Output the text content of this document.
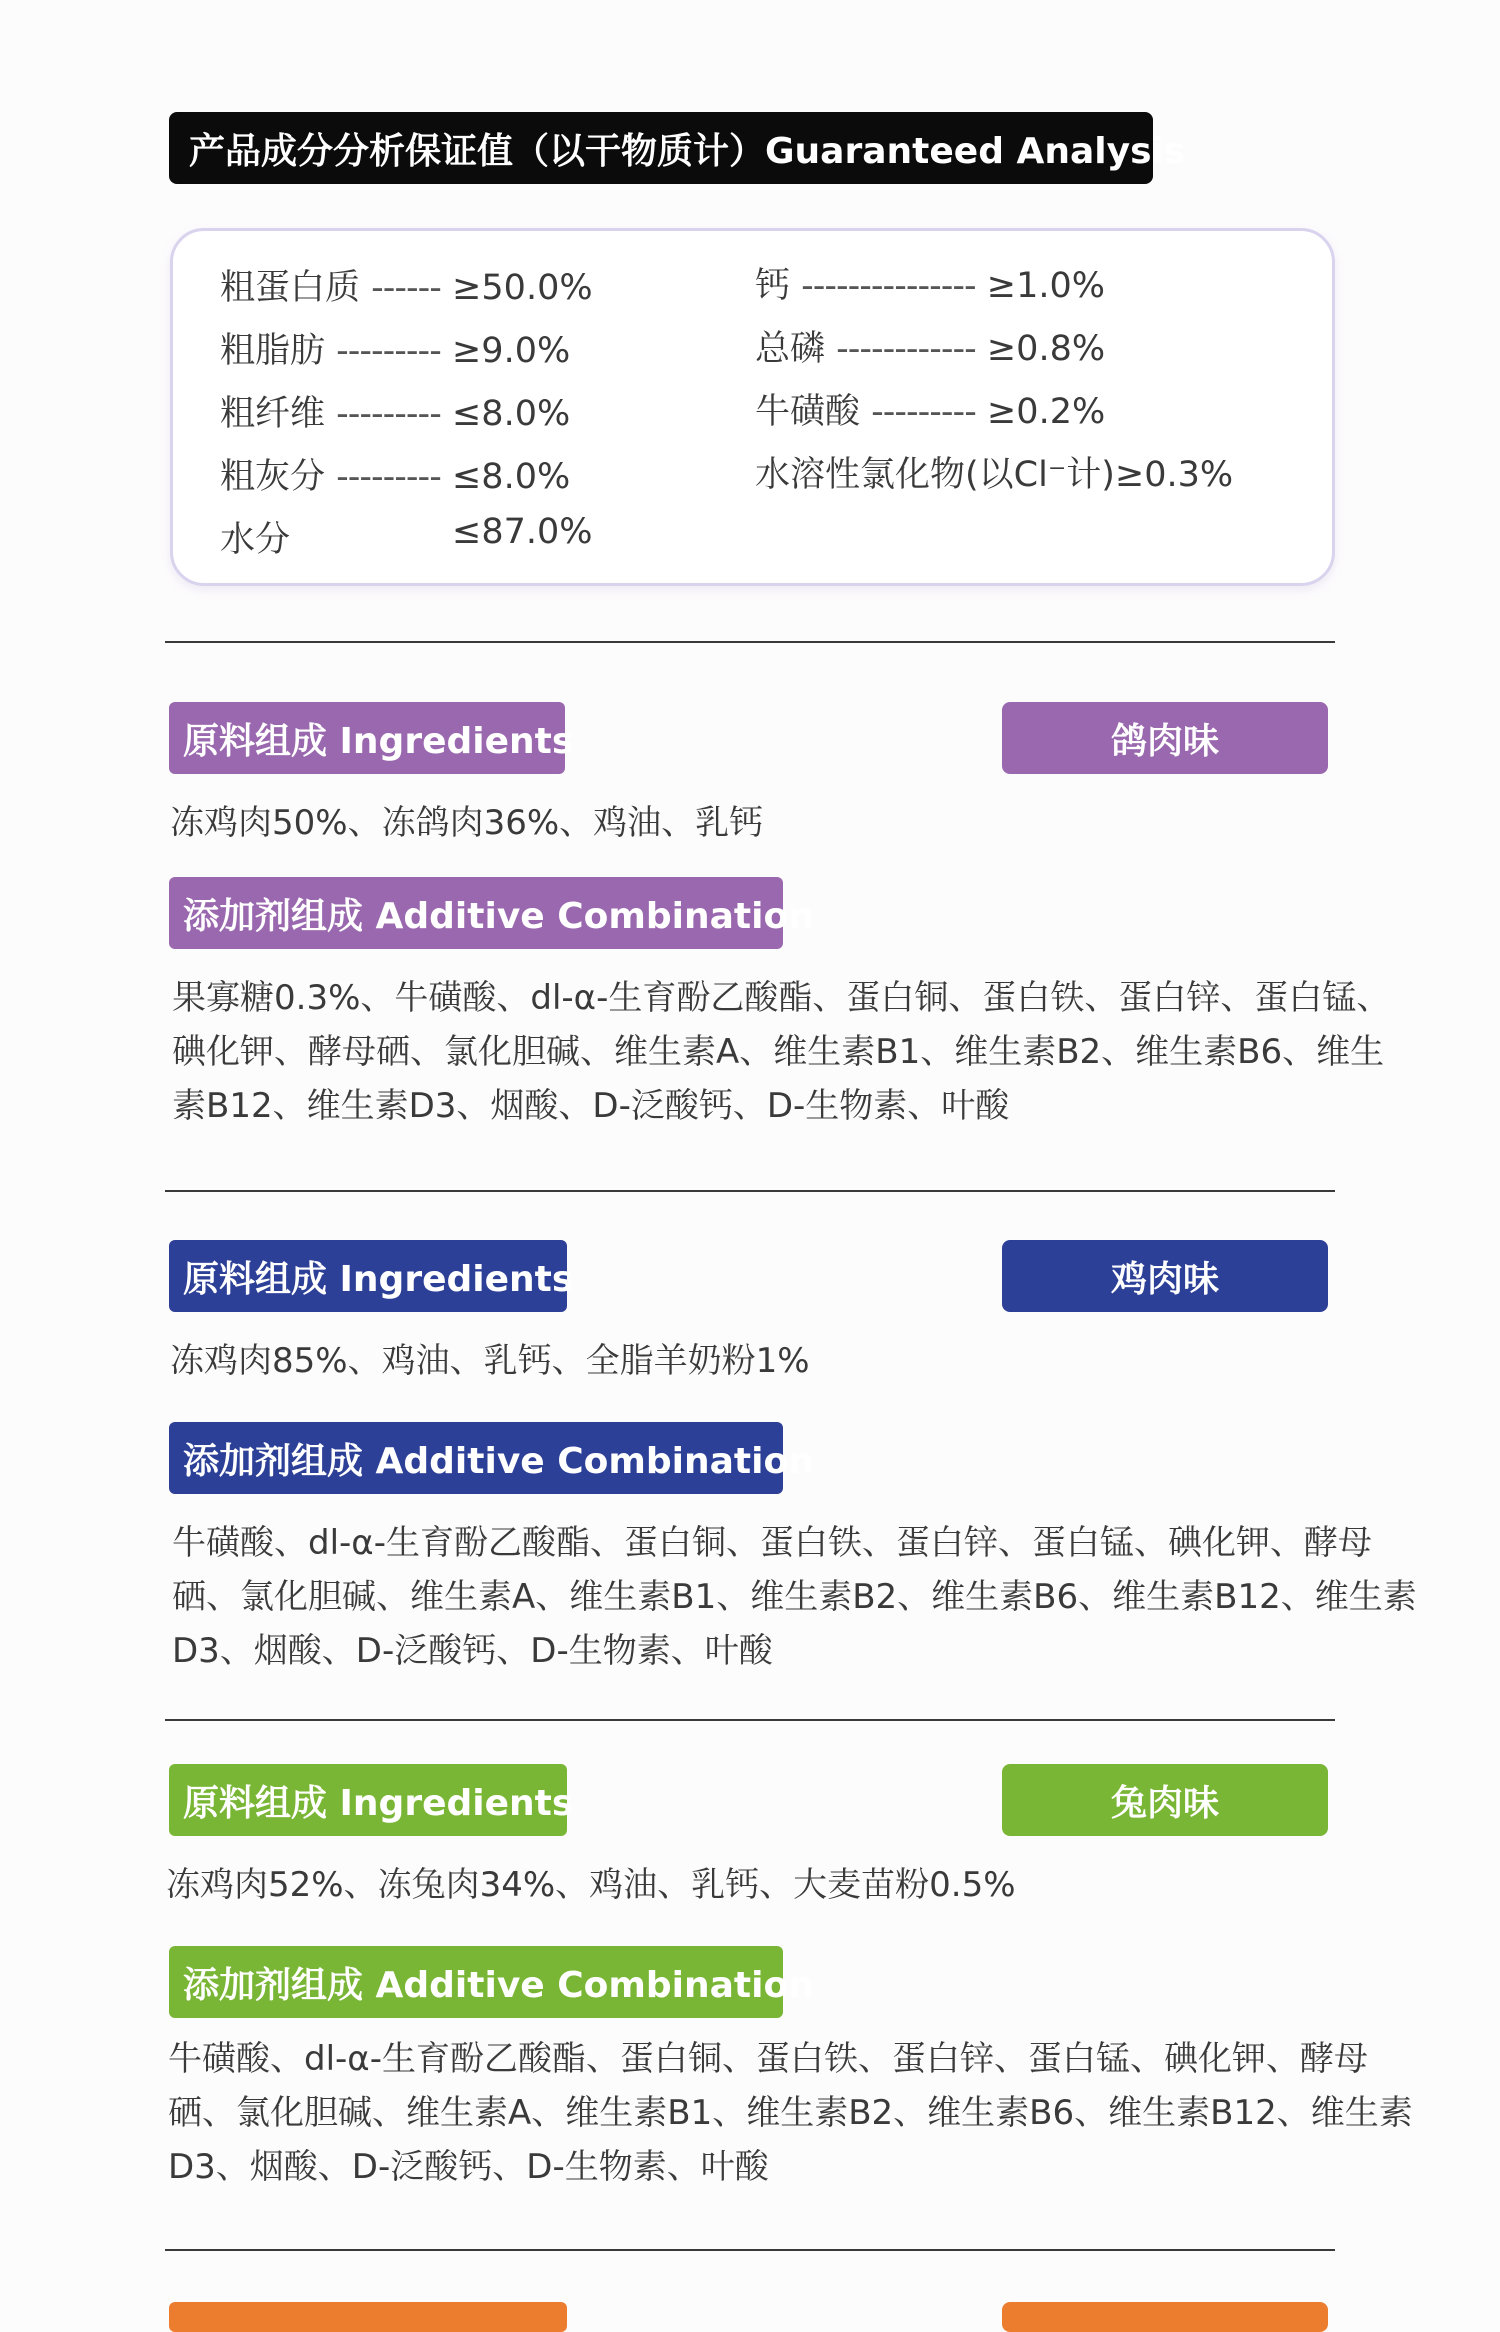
产品成分分析保证值（以干物质计）Guaranteed Analysis
粗蛋白质 ------ ≥50.0%
粗脂肪 --------- ≥9.0%
粗纤维 --------- ≤8.0%
粗灰分 --------- ≤8.0%
水分	≤87.0%
钙 --------------- ≥1.0%
总磷 ------------ ≥0.8%
牛磺酸 --------- ≥0.2%
水溶性氯化物(以Cl⁻计)≥0.3%
原料组成 Ingredients	鸽肉味
冻鸡肉50%、冻鸽肉36%、鸡油、乳钙
添加剂组成 Additive Combination
果寡糖0.3%、牛磺酸、dl-α-生育酚乙酸酯、蛋白铜、蛋白铁、蛋白锌、蛋白锰、
碘化钾、酵母硒、氯化胆碱、维生素A、维生素B1、维生素B2、维生素B6、维生
素B12、维生素D3、烟酸、D-泛酸钙、D-生物素、叶酸
原料组成 Ingredients	鸡肉味
冻鸡肉85%、鸡油、乳钙、全脂羊奶粉1%
添加剂组成 Additive Combination
牛磺酸、dl-α-生育酚乙酸酯、蛋白铜、蛋白铁、蛋白锌、蛋白锰、碘化钾、酵母
硒、氯化胆碱、维生素A、维生素B1、维生素B2、维生素B6、维生素B12、维生素
D3、烟酸、D-泛酸钙、D-生物素、叶酸
原料组成 Ingredients	兔肉味
冻鸡肉52%、冻兔肉34%、鸡油、乳钙、大麦苗粉0.5%
添加剂组成 Additive Combination
牛磺酸、dl-α-生育酚乙酸酯、蛋白铜、蛋白铁、蛋白锌、蛋白锰、碘化钾、酵母
硒、氯化胆碱、维生素A、维生素B1、维生素B2、维生素B6、维生素B12、维生素
D3、烟酸、D-泛酸钙、D-生物素、叶酸
